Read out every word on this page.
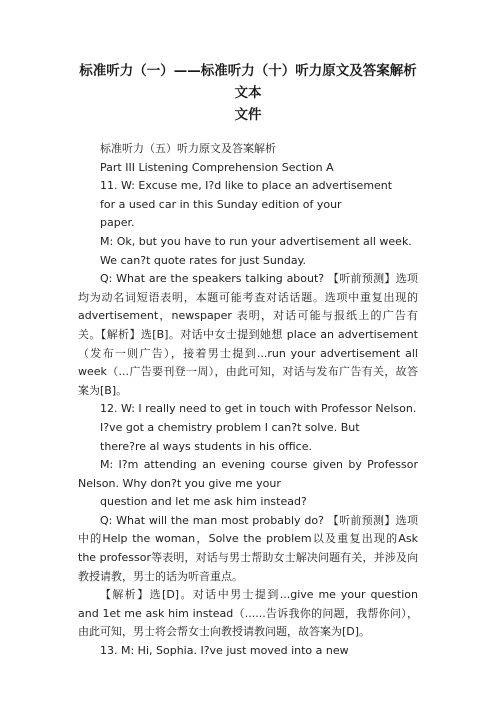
标准听力（一）——标准听力（十）听力原文及答案解析文本
文件

标准听力（五）听力原文及答案解析

Part III Listening Comprehension Section A

11. W: Excuse me, I?d like to place an advertisement

for a used car in this Sunday edition of your

paper.

M: Ok, but you have to run your advertisement all week.

We can?t quote rates for just Sunday.

Q: What are the speakers talking about? 【听前预测】选项均为动名词短语表明，本题可能考查对话话题。选项中重复出现的advertisement，newspaper 表明，对话可能与报纸上的广告有关。【解析】选[B]。对话中女士提到她想 place an advertisement（发布一则广告），接着男士提到...run your advertisement all week（...广告要刊登一周），由此可知，对话与发布广告有关，故答案为[B]。

12. W: I really need to get in touch with Professor Nelson.

I?ve got a chemistry problem I can?t solve. But

there?re al ways students in his office.

M: I?m attending an evening course given by Professor Nelson. Why don?t you give me your

question and let me ask him instead?

Q: What will the man most probably do? 【听前预测】选项中的Help the woman，Solve the problem以及重复出现的Ask the professor等表明，对话与男士帮助女士解决问题有关，并涉及向教授请教，男士的话为听音重点。

【解析】选[D]。对话中男士提到...give me your question and 1et me ask him instead（......告诉我你的问题，我帮你问），由此可知，男士将会帮女士向教授请教问题，故答案为[D]。

13. M: Hi, Sophia. I?ve just moved into a new
